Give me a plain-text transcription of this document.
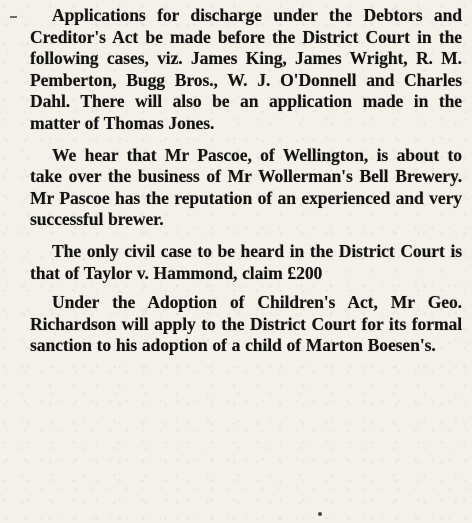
Applications for discharge under the Debtors and Creditor's Act be made before the District Court in the following cases, viz. James King, James Wright, R. M. Pemberton, Bugg Bros., W. J. O'Donnell and Charles Dahl. There will also be an application made in the matter of Thomas Jones.

We hear that Mr Pascoe, of Wellington, is about to take over the business of Mr Wollerman's Bell Brewery. Mr Pascoe has the reputation of an experienced and very successful brewer.

The only civil case to be heard in the District Court is that of Taylor v. Hammond, claim £200

Under the Adoption of Children's Act, Mr Geo. Richardson will apply to the District Court for its formal sanction to his adoption of a child of Marton Boesen's.
